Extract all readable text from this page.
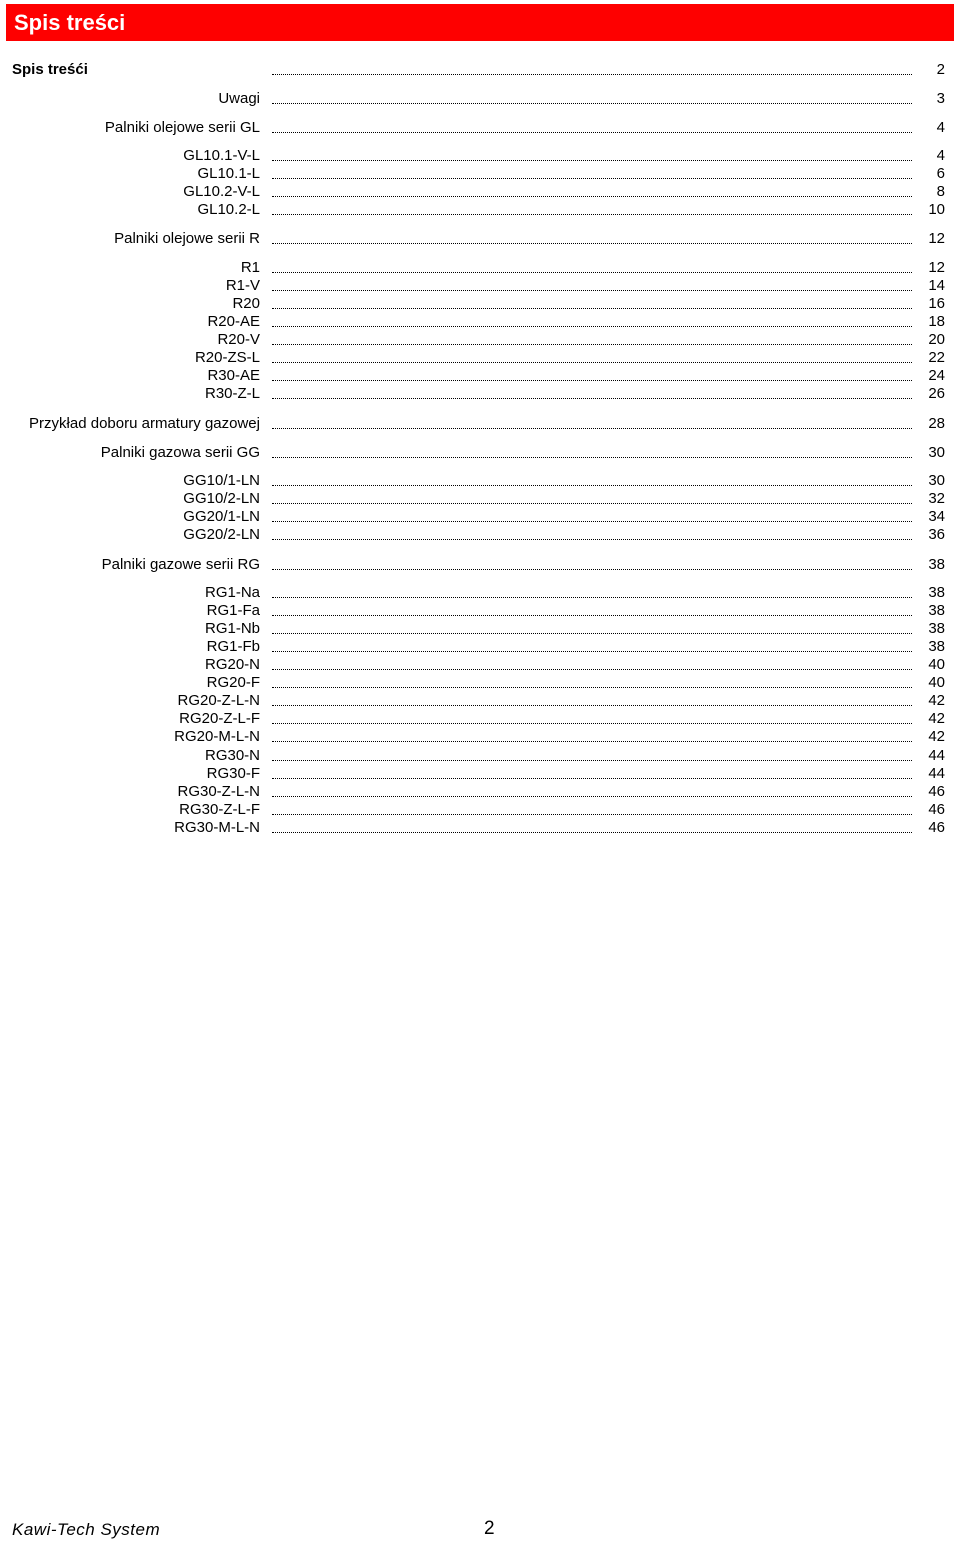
Spis treści
Spis treśći	2
Uwagi	3
Palniki olejowe serii GL	4
GL10.1-V-L	4
GL10.1-L	6
GL10.2-V-L	8
GL10.2-L	10
Palniki olejowe serii R	12
R1	12
R1-V	14
R20	16
R20-AE	18
R20-V	20
R20-ZS-L	22
R30-AE	24
R30-Z-L	26
Przykład doboru armatury gazowej	28
Palniki gazowa serii GG	30
GG10/1-LN	30
GG10/2-LN	32
GG20/1-LN	34
GG20/2-LN	36
Palniki gazowe serii RG	38
RG1-Na	38
RG1-Fa	38
RG1-Nb	38
RG1-Fb	38
RG20-N	40
RG20-F	40
RG20-Z-L-N	42
RG20-Z-L-F	42
RG20-M-L-N	42
RG30-N	44
RG30-F	44
RG30-Z-L-N	46
RG30-Z-L-F	46
RG30-M-L-N	46
Kawi-Tech System	2
